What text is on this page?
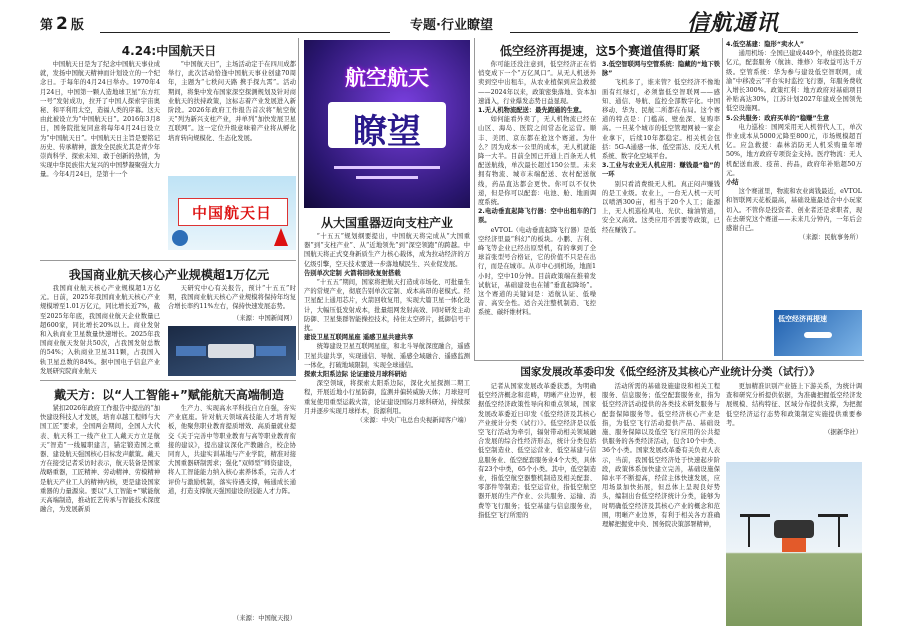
第 2 版	专题·行业瞭望	信航通讯
4.24:中国航天日

中国航天日是为了纪念中国航天事业成就，发扬中国航天精神而计划设立的一个纪念日。于每年的4月24日举办。1970年4月24日，中国第一颗人造地球卫星“东方红一号”发射成功，拉开了中国人探索宇宙奥秘、和平利用太空，造福人类的序幕。这天由此被设立为“中国航天日”。2016年3月8日，国务院批复同意将每年4月24日设立为“中国航天日”。中国航天日主旨是要铭记历史、传承精神，激发全民族尤其是青少年崇尚科学、探索未知、敢于创新的热情，为实现中华民族伟大复兴的中国梦凝聚强大力量。今年4月24日，是第十一个

“中国航天日”，主场活动定于在四川成都举行，此次活动恰逢中国航天事业创建70周年，主题为“七秩问天路 携手探九霄”。活动期间，将集中发布国家深空探测规划及针对商业航天的扶持政策，这标志着产业发展进入新阶段。2026年政府工作报告首次将“航空航天”列为新兴支柱产业，并单列“加快发展卫星互联网”。这一定位升级意味着产业将从孵化培育转向规模化、生态化发展。

中国航天日
我国商业航天核心产业规模超1万亿元

我国商业航天核心产业规模超1万亿元。日前，2025年我国商业航天核心产业规模增至1.01万亿元，同比增长近7%，截至2025年年底，我国商业航天企业数量已超600家，同比增长20%以上。商业发射和入轨商业卫星数量快速增长。2025年我国商业航天发射共50次，占我国发射总数的54%；入轨商业卫星311颗，占我国入轨卫星总数的84%。据中国电子信息产业发展研究院商业航天

天研究中心有关报告，预计“十五五”时期，我国商业航天核心产业规模将保持年均复合增长率约11%左右，保持快速发展态势。

（来源：中国新闻网）

戴天方：以“人工智能+”赋能航天高端制造

紧扣2026年政府工作报告中提出的“加快建设科技人才发展，培育卓越工程师与大国工匠”要求，全国两会期间，全国人大代表、航天科工一线产业工人戴天方立足航天“智造”一线履职建言，锚定锻造国之重器、建设航天强国核心目标发声献策。戴天方在接受记者采访时表示，航天装备是国家战略重器，工匠精神、劳动精神、劳模精神是航天产业工人的精神内核，更是建设国家重器的力量源泉。要以“人工智能+”赋能航天高端制造，推动匠艺传承与智能技术深度融合，为发展新质

生产力、实现高水平科技自立自强，夯实产业底座。针对航天领域高技能人才培育短板，他聚焦职业教育提质增效、高质量就业提交《关于完善中等职业教育与高等职业教育衔接的建议》，提出建议深化产教融合，校企协同育人，共建实训基地与产业学院，精准对接大国重器研制需求；强化“双师型”师资建设，将人工智能能力纳入核心素养体系，完善人才评价与激励机制，落实待遇支撑，畅通成长通道，打造支撑航天强国建设的技能人才力阵。

（来源：中国航天报）

航空航天
瞭望
从大国重器迈向支柱产业

“十五五”规划纲要提出，中国航天将完成从“大国重器”到“支柱产业”、从“近地领先”到“深空领跑”的跨越。中国航天将正式变身新质生产力核心载体，成为拉动经济的万亿级引擎，空天技术要进一步落地赋民生、兴业促发展。

告别单次定制 火箭将回收复射搭载

“十五五”期间，国家将把航天打造成市场化、可批量生产的常规产业，彻底告别单次定制、成本高昂的老模式。经卫星配上通用芯片，火箭回收复用，实现大篇卫星一体化设计，大幅压低发射成本，批量组网发射高效、同时研发主动防御、卫星集群智能操控技术，持住太空碎片，抵御信号干扰。

建设卫星互联网星座 遥感卫星共建共享

统筹建设卫星互联网星座，和北斗导航深度融合，遥感卫星共建共享，实现通信、导航、遥感全域融合、遥感监测一体化，打破地域限制，实现全球通信。

探索太阳系边际 论证建设月球科研站

深空领域，将探索太阳系边际，深化火星探测二期工程，开展近地小行星防御，监测并偏转威胁天体；月球迎可重复使用重型运载火箭，论证建设国际月球科研站，持续探月并逐步实现月球样本，资源利用。

（来源：中央广电总台央视新闻客户端）

低空经济再提速，这5个赛道值得盯紧

你可能还没注意到，低空经济正在悄悄变成下一个“万亿风口”。从无人机送外卖到空中出租车，从农业植保到应急救援——2024年以来，政策密集落地、资本加速涌入，行业爆发态势日益显现。

1.无人机物流配送：最先跑通的生意。

如何能看外卖了，无人机物流已经在山区、海岛、医院之间常态化运营。顺丰、美团、京东都在抢这个赛道。为什么？因为成本一公里的成本，无人机就能降一大半。目前全国已开通上百条无人机配送航线，单次最长超过150公里。未来拥有物流、城市末端配送、农村配送航线，药品直达都会更快。你可以不仅快递，但是你可以配套：电池、舱、地面调度系统。

2.电动垂直起降飞行器：空中出租车的门票。

eVTOL（电动垂直起降飞行器）是低空经济里最“科幻”的板块。小鹏、吉利、峰飞等企业已经出原型机，有的拿到了全球首张型号合格证，它的价值不只是在出行，而是在城市。从市中心到机场，地面1小时，空中10分钟。目前政策端在推着发试航证，基础建设也在铺“垂直起降场”。这个赛道的关键词是：适航认证、低噪音、高安全性。适合关注整机制造、飞控系统、碳纤维材料。

3.低空智联网与空管系统：隐藏的“地下铁脉”

飞机多了，谁来管？低空经济不像地面有红绿灯，必须靠低空智联网——感知、通信、导航、监控全部数字化。中国移动、华为、民航二所都在布局。这个赛道的特点是：门槛高、壁垒深、复购率高。一旦某个城市的低空管理网被一家企业拿下，后续10年都稳定。相关机会包括：5G-A通感一体、低空雷达、反无人机系统、数字化空域平台。

3.工业与农业无人机应用：赚钱最“稳”的一环

别只看消费级无人机。真正闷声赚钱的是工业级。农业上，一台无人机一天可以喷洒300亩，相当于20个人工；能源上，无人机巡检风电、光伏、输油管道，安全又高效。这类应用不需要等政策，已经在赚钱了。

4.低空基建：隐形“卖水人”

通用机场：全国已建成449个，单座投资超2亿元，配套服务（航油、维修）年收益可达千万级。空管系统：华为参与建设低空智联网，成渝“中移凌云”平台实时监控飞行器，年服务费收入增长300%。政策红利：地方政府对基础项目补贴高达30%，江苏计划2027年建成全国领先低空设施网。

5.公共服务：政府买单的“稳赚”生意

电力巡检：国网采用无人机替代人工，单次作业成本从5000元降至800元，市场规模超百亿。应急救援：森林消防无人机采购量年增50%，地方政府专项资金支持。医疗物流：无人机配送血液、疫苗、药品，政府年补贴超50万元。

小结

这个赛道里，物流和农业离钱最近，eVTOL和智联网天花板最高，基础设施最适合中小玩家切入。不管你是投资者、创业者还是求职者，现在去研究这个赛道——未来几分钟内，一年后会感谢自己。

（来源：民航事务所）

低空经济再提速
国家发展改革委印发《低空经济及其核心产业统计分类（试行）》

记者从国家发展改革委获悉，为明确低空经济概念和范畴，明晰产业边界，根据低空经济政策性导向和重点领域，国家发展改革委近日印发《低空经济及其核心产业统计分类（试行）》。低空经济是以低空飞行活动为牵引，辐射带动相关领域融合发展的综合性经济形态，统计分类包括低空制造业、低空运营业、低空基建与信息服务业、低空配套服务业4个大类，具体有23个中类，65个小类。其中，低空制造业，指低空航空器整机制造及相关配套、零部件等制造；低空运营业，指低空航空器开展的生产作业、公共服务、运输、消费等飞行服务；低空基建与信息服务业，指低空飞行所需的

活动所需的基础设施建设和相关工程服务、信息服务；低空配套服务业，指为低空经济活动提供的各类技术研发服务与配套保障服务等。低空经济核心产业是指，为低空飞行活动提供产品、基础设施、服务保障以及低空飞行应用的公共提供服务的各类经济活动，包含10个中类、36个小类。国家发展改革委有关负责人表示，当前，我国低空经济处于快速起步阶段，政策体系加快建立完善，基础设施保障水平不断提高，经营主体快速发展，应用场景加快拓展，但总体上呈现良好势头，编制出台低空经济统计分类，能够为时明确低空经济及其核心产业的概念和范围，明晰产业边界，有利于相关各方准确理解把握党中央、国务院决策部署精神，

更加精准识别产业链上下游关系，为统计调查和研究分析提供依据，为准确把握低空经济发展规模、结构特征、区域分布提供支撑，为把握低空经济运行态势和政策制定实施提供重要参考。

（据新华社）
